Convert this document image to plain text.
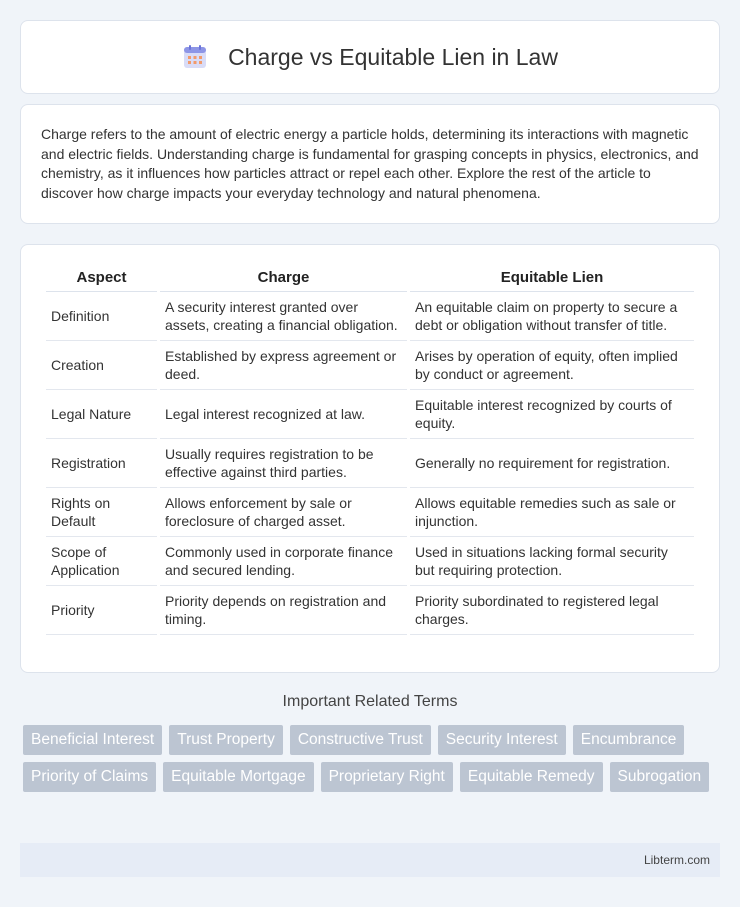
Charge vs Equitable Lien in Law

Charge refers to the amount of electric energy a particle holds, determining its interactions with magnetic and electric fields. Understanding charge is fundamental for grasping concepts in physics, electronics, and chemistry, as it influences how particles attract or repel each other. Explore the rest of the article to discover how charge impacts your everyday technology and natural phenomena.

Aspect	Charge	Equitable Lien
Definition	A security interest granted over assets, creating a financial obligation.	An equitable claim on property to secure a debt or obligation without transfer of title.
Creation	Established by express agreement or deed.	Arises by operation of equity, often implied by conduct or agreement.
Legal Nature	Legal interest recognized at law.	Equitable interest recognized by courts of equity.
Registration	Usually requires registration to be effective against third parties.	Generally no requirement for registration.
Rights on Default	Allows enforcement by sale or foreclosure of charged asset.	Allows equitable remedies such as sale or injunction.
Scope of Application	Commonly used in corporate finance and secured lending.	Used in situations lacking formal security but requiring protection.
Priority	Priority depends on registration and timing.	Priority subordinated to registered legal charges.
Important Related Terms
Beneficial Interest	Trust Property	Constructive Trust	Security Interest	Encumbrance
Priority of Claims	Equitable Mortgage	Proprietary Right	Equitable Remedy	Subrogation
Libterm.com
